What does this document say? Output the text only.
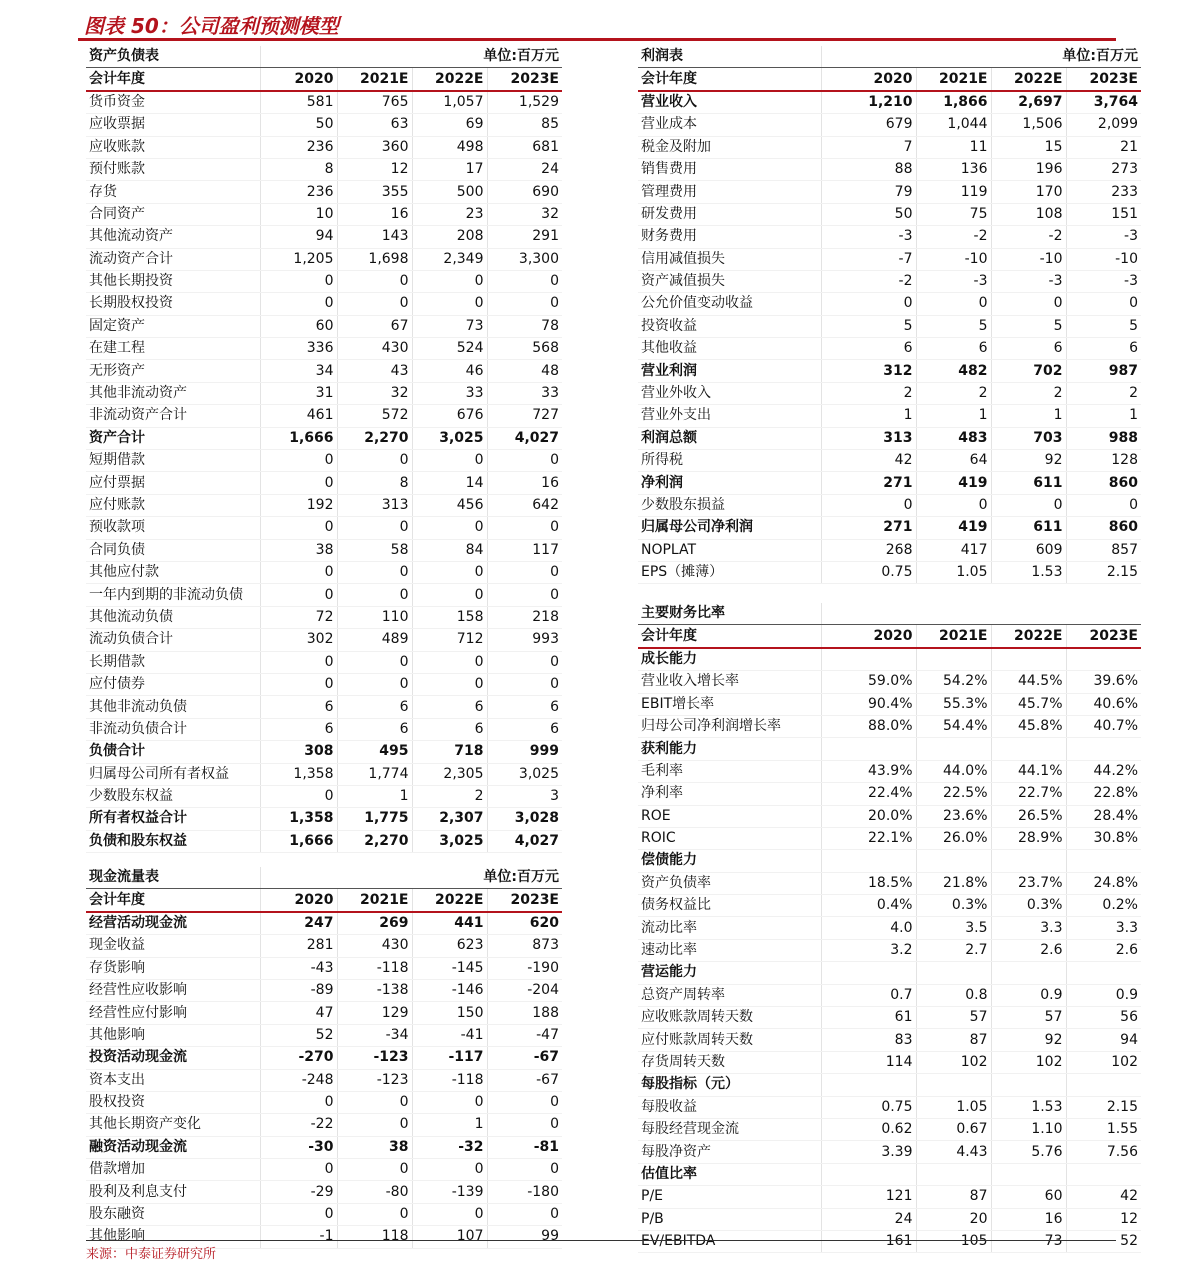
图表 50：公司盈利预测模型
资产负债表	单位:百万元			
会计年度	2020	2021E	2022E	2023E
货币资金	581	765	1,057	1,529
应收票据	50	63	69	85
应收账款	236	360	498	681
预付账款	8	12	17	24
存货	236	355	500	690
合同资产	10	16	23	32
其他流动资产	94	143	208	291
流动资产合计	1,205	1,698	2,349	3,300
其他长期投资	0	0	0	0
长期股权投资	0	0	0	0
固定资产	60	67	73	78
在建工程	336	430	524	568
无形资产	34	43	46	48
其他非流动资产	31	32	33	33
非流动资产合计	461	572	676	727
资产合计	1,666	2,270	3,025	4,027
短期借款	0	0	0	0
应付票据	0	8	14	16
应付账款	192	313	456	642
预收款项	0	0	0	0
合同负债	38	58	84	117
其他应付款	0	0	0	0
一年内到期的非流动负债	0	0	0	0
其他流动负债	72	110	158	218
流动负债合计	302	489	712	993
长期借款	0	0	0	0
应付债券	0	0	0	0
其他非流动负债	6	6	6	6
非流动负债合计	6	6	6	6
负债合计	308	495	718	999
归属母公司所有者权益	1,358	1,774	2,305	3,025
少数股东权益	0	1	2	3
所有者权益合计	1,358	1,775	2,307	3,028
负债和股东权益	1,666	2,270	3,025	4,027
现金流量表	单位:百万元			
会计年度	2020	2021E	2022E	2023E
经营活动现金流	247	269	441	620
现金收益	281	430	623	873
存货影响	-43	-118	-145	-190
经营性应收影响	-89	-138	-146	-204
经营性应付影响	47	129	150	188
其他影响	52	-34	-41	-47
投资活动现金流	-270	-123	-117	-67
资本支出	-248	-123	-118	-67
股权投资	0	0	0	0
其他长期资产变化	-22	0	1	0
融资活动现金流	-30	38	-32	-81
借款增加	0	0	0	0
股利及利息支付	-29	-80	-139	-180
股东融资	0	0	0	0
其他影响	-1	118	107	99
利润表	单位:百万元			
会计年度	2020	2021E	2022E	2023E
营业收入	1,210	1,866	2,697	3,764
营业成本	679	1,044	1,506	2,099
税金及附加	7	11	15	21
销售费用	88	136	196	273
管理费用	79	119	170	233
研发费用	50	75	108	151
财务费用	-3	-2	-2	-3
信用减值损失	-7	-10	-10	-10
资产减值损失	-2	-3	-3	-3
公允价值变动收益	0	0	0	0
投资收益	5	5	5	5
其他收益	6	6	6	6
营业利润	312	482	702	987
营业外收入	2	2	2	2
营业外支出	1	1	1	1
利润总额	313	483	703	988
所得税	42	64	92	128
净利润	271	419	611	860
少数股东损益	0	0	0	0
归属母公司净利润	271	419	611	860
NOPLAT	268	417	609	857
EPS（摊薄）	0.75	1.05	1.53	2.15
主要财务比率				
会计年度	2020	2021E	2022E	2023E
成长能力				
营业收入增长率	59.0%	54.2%	44.5%	39.6%
EBIT增长率	90.4%	55.3%	45.7%	40.6%
归母公司净利润增长率	88.0%	54.4%	45.8%	40.7%
获利能力				
毛利率	43.9%	44.0%	44.1%	44.2%
净利率	22.4%	22.5%	22.7%	22.8%
ROE	20.0%	23.6%	26.5%	28.4%
ROIC	22.1%	26.0%	28.9%	30.8%
偿债能力				
资产负债率	18.5%	21.8%	23.7%	24.8%
债务权益比	0.4%	0.3%	0.3%	0.2%
流动比率	4.0	3.5	3.3	3.3
速动比率	3.2	2.7	2.6	2.6
营运能力				
总资产周转率	0.7	0.8	0.9	0.9
应收账款周转天数	61	57	57	56
应付账款周转天数	83	87	92	94
存货周转天数	114	102	102	102
每股指标（元）				
每股收益	0.75	1.05	1.53	2.15
每股经营现金流	0.62	0.67	1.10	1.55
每股净资产	3.39	4.43	5.76	7.56
估值比率				
P/E	121	87	60	42
P/B	24	20	16	12
EV/EBITDA	161	105	73	52
来源：中泰证券研究所
